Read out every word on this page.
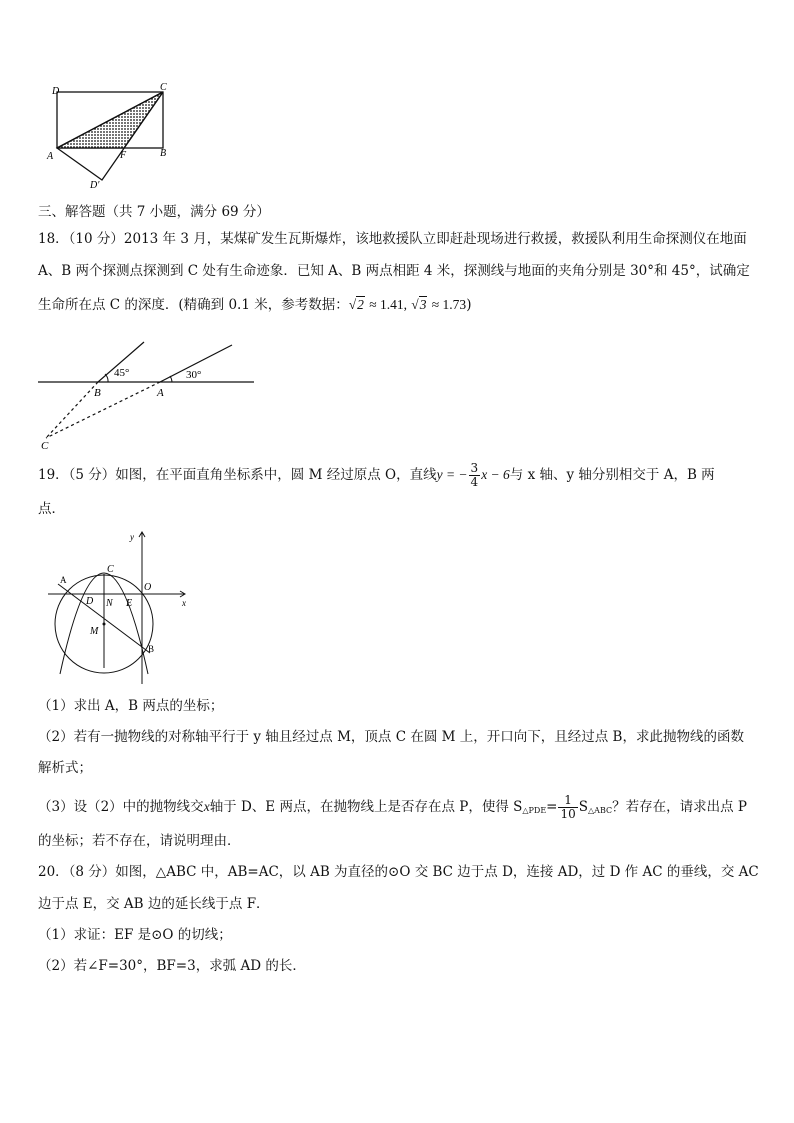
D	C
A	F	B
D′
三、解答题（共 7 小题，满分 69 分）
18．（10 分）2013 年 3 月，某煤矿发生瓦斯爆炸，该地救援队立即赶赴现场进行救援，救援队利用生命探测仪在地面
A、B 两个探测点探测到 C 处有生命迹象．已知 A、B 两点相距 4 米，探测线与地面的夹角分别是 30°和 45°，试确定
生命所在点 C 的深度．(精确到 0.1 米，参考数据：√2 ≈ 1.41, √3 ≈ 1.73)
45°	30°
B	A
C
19．（5 分）如图，在平面直角坐标系中，圆 M 经过原点 O，直线y = − $\frac{3}{4}$ x − 6与 x 轴、y 轴分别相交于 A，B 两
点．
y
x
A
C
O
D N E
M
B
（1）求出 A，B 两点的坐标；
（2）若有一抛物线的对称轴平行于 y 轴且经过点 M，顶点 C 在圆 M 上，开口向下，且经过点 B，求此抛物线的函数
解析式；
（3）设（2）中的抛物线交x轴于 D、E 两点，在抛物线上是否存在点 P，使得 $S_{\triangle PDE}= \frac{1}{10} S_{\triangle ABC}$？若存在，请求出点 P
的坐标；若不存在，请说明理由．
20．（8 分）如图，△ABC 中，AB=AC，以 AB 为直径的⊙O 交 BC 边于点 D，连接 AD，过 D 作 AC 的垂线，交 AC
边于点 E，交 AB 边的延长线于点 F．
（1）求证：EF 是⊙O 的切线；
（2）若∠F=30°，BF=3，求弧 AD 的长．
